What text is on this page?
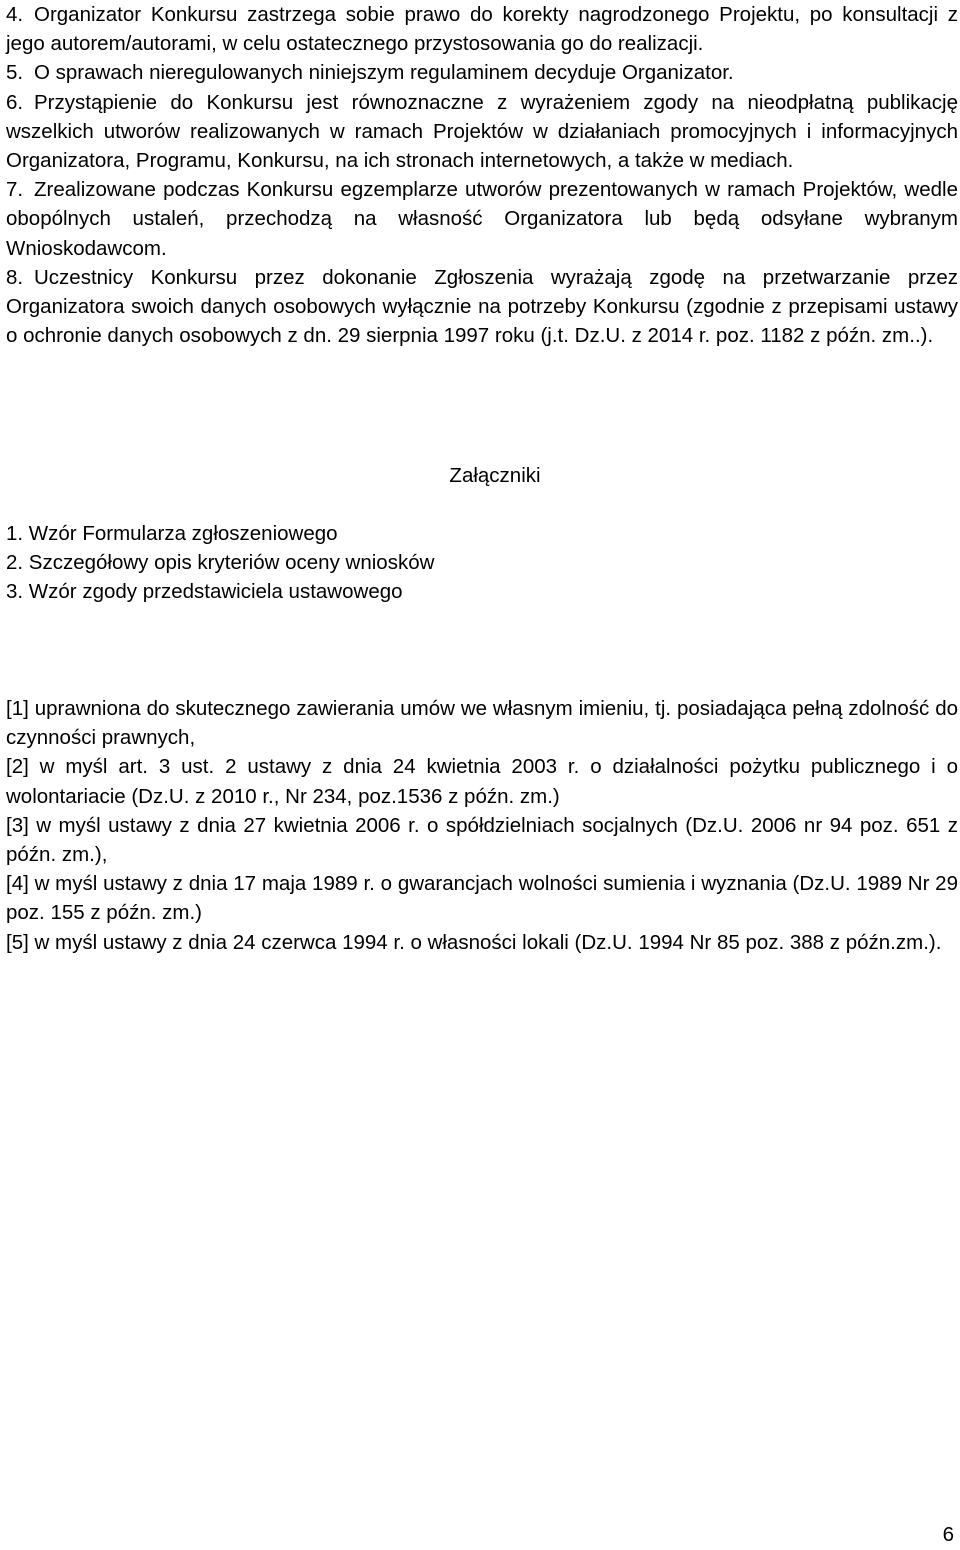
4. Organizator Konkursu zastrzega sobie prawo do korekty nagrodzonego Projektu, po konsultacji z jego autorem/autorami, w celu ostatecznego przystosowania go do realizacji.
5. O sprawach nieregulowanych niniejszym regulaminem decyduje Organizator.
6. Przystąpienie do Konkursu jest równoznaczne z wyrażeniem zgody na nieodpłatną publikację wszelkich utworów realizowanych w ramach Projektów w działaniach promocyjnych i informacyjnych Organizatora, Programu, Konkursu, na ich stronach internetowych, a także w mediach.
7. Zrealizowane podczas Konkursu egzemplarze utworów prezentowanych w ramach Projektów, wedle obopólnych ustaleń, przechodzą na własność Organizatora lub będą odsyłane wybranym Wnioskodawcom.
8. Uczestnicy Konkursu przez dokonanie Zgłoszenia wyrażają zgodę na przetwarzanie przez Organizatora swoich danych osobowych wyłącznie na potrzeby Konkursu (zgodnie z przepisami ustawy o ochronie danych osobowych z dn. 29 sierpnia 1997 roku (j.t. Dz.U. z 2014 r. poz. 1182 z późn. zm..).
Załączniki
1. Wzór Formularza zgłoszeniowego
2. Szczegółowy opis kryteriów oceny wniosków
3. Wzór zgody przedstawiciela ustawowego
[1] uprawniona do skutecznego zawierania umów we własnym imieniu, tj. posiadająca pełną zdolność do czynności prawnych,
[2] w myśl art. 3 ust. 2 ustawy z dnia 24 kwietnia 2003 r. o działalności pożytku publicznego i o wolontariacie (Dz.U. z 2010 r., Nr 234, poz.1536 z późn. zm.)
[3] w myśl ustawy z dnia 27 kwietnia 2006 r. o spółdzielniach socjalnych (Dz.U. 2006 nr 94 poz. 651 z późn. zm.),
[4] w myśl ustawy z dnia 17 maja 1989 r. o gwarancjach wolności sumienia i wyznania (Dz.U. 1989 Nr 29 poz. 155 z późn. zm.)
[5] w myśl ustawy z dnia 24 czerwca 1994 r. o własności lokali (Dz.U. 1994 Nr 85 poz. 388 z późn.zm.).
6
